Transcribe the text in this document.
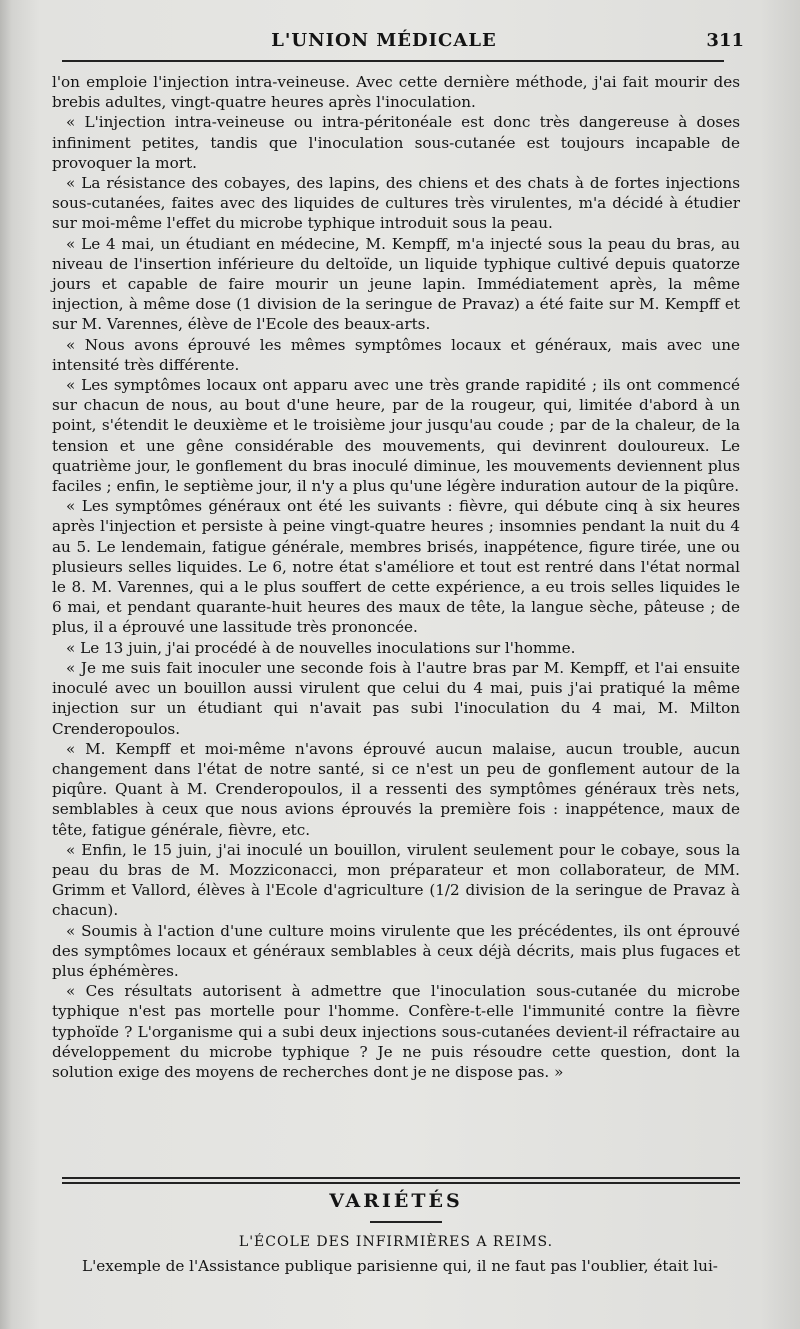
L'UNION MÉDICALE	311

l'on emploie l'injection intra-veineuse. Avec cette dernière méthode, j'ai fait mourir des brebis adultes, vingt-quatre heures après l'inoculation.

« L'injection intra-veineuse ou intra-péritonéale est donc très dangereuse à doses infiniment petites, tandis que l'inoculation sous-cutanée est toujours incapable de provoquer la mort.

« La résistance des cobayes, des lapins, des chiens et des chats à de fortes injections sous-cutanées, faites avec des liquides de cultures très virulentes, m'a décidé à étudier sur moi-même l'effet du microbe typhique introduit sous la peau.

« Le 4 mai, un étudiant en médecine, M. Kempff, m'a injecté sous la peau du bras, au niveau de l'insertion inférieure du deltoïde, un liquide typhique cultivé depuis quatorze jours et capable de faire mourir un jeune lapin. Immédiatement après, la même injection, à même dose (1 division de la seringue de Pravaz) a été faite sur M. Kempff et sur M. Varennes, élève de l'Ecole des beaux-arts.

« Nous avons éprouvé les mêmes symptômes locaux et généraux, mais avec une intensité très différente.

« Les symptômes locaux ont apparu avec une très grande rapidité ; ils ont commencé sur chacun de nous, au bout d'une heure, par de la rougeur, qui, limitée d'abord à un point, s'étendit le deuxième et le troisième jour jusqu'au coude ; par de la chaleur, de la tension et une gêne considérable des mouvements, qui devinrent douloureux. Le quatrième jour, le gonflement du bras inoculé diminue, les mouvements deviennent plus faciles ; enfin, le septième jour, il n'y a plus qu'une légère induration autour de la piqûre.

« Les symptômes généraux ont été les suivants : fièvre, qui débute cinq à six heures après l'injection et persiste à peine vingt-quatre heures ; insomnies pendant la nuit du 4 au 5. Le lendemain, fatigue générale, membres brisés, inappétence, figure tirée, une ou plusieurs selles liquides. Le 6, notre état s'améliore et tout est rentré dans l'état normal le 8. M. Varennes, qui a le plus souffert de cette expérience, a eu trois selles liquides le 6 mai, et pendant quarante-huit heures des maux de tête, la langue sèche, pâteuse ; de plus, il a éprouvé une lassitude très prononcée.

« Le 13 juin, j'ai procédé à de nouvelles inoculations sur l'homme.

« Je me suis fait inoculer une seconde fois à l'autre bras par M. Kempff, et l'ai ensuite inoculé avec un bouillon aussi virulent que celui du 4 mai, puis j'ai pratiqué la même injection sur un étudiant qui n'avait pas subi l'inoculation du 4 mai, M. Milton Crenderopoulos.

« M. Kempff et moi-même n'avons éprouvé aucun malaise, aucun trouble, aucun changement dans l'état de notre santé, si ce n'est un peu de gonflement autour de la piqûre. Quant à M. Crenderopoulos, il a ressenti des symptômes généraux très nets, semblables à ceux que nous avions éprouvés la première fois : inappétence, maux de tête, fatigue générale, fièvre, etc.

« Enfin, le 15 juin, j'ai inoculé un bouillon, virulent seulement pour le cobaye, sous la peau du bras de M. Mozziconacci, mon préparateur et mon collaborateur, de MM. Grimm et Vallord, élèves à l'Ecole d'agriculture (1/2 division de la seringue de Pravaz à chacun).

« Soumis à l'action d'une culture moins virulente que les précédentes, ils ont éprouvé des symptômes locaux et généraux semblables à ceux déjà décrits, mais plus fugaces et plus éphémères.

« Ces résultats autorisent à admettre que l'inoculation sous-cutanée du microbe typhique n'est pas mortelle pour l'homme. Confère-t-elle l'immunité contre la fièvre typhoïde ? L'organisme qui a subi deux injections sous-cutanées devient-il réfractaire au développement du microbe typhique ? Je ne puis résoudre cette question, dont la solution exige des moyens de recherches dont je ne dispose pas. »

VARIÉTÉS
L'ÉCOLE DES INFIRMIÈRES A REIMS.
L'exemple de l'Assistance publique parisienne qui, il ne faut pas l'oublier, était lui-
